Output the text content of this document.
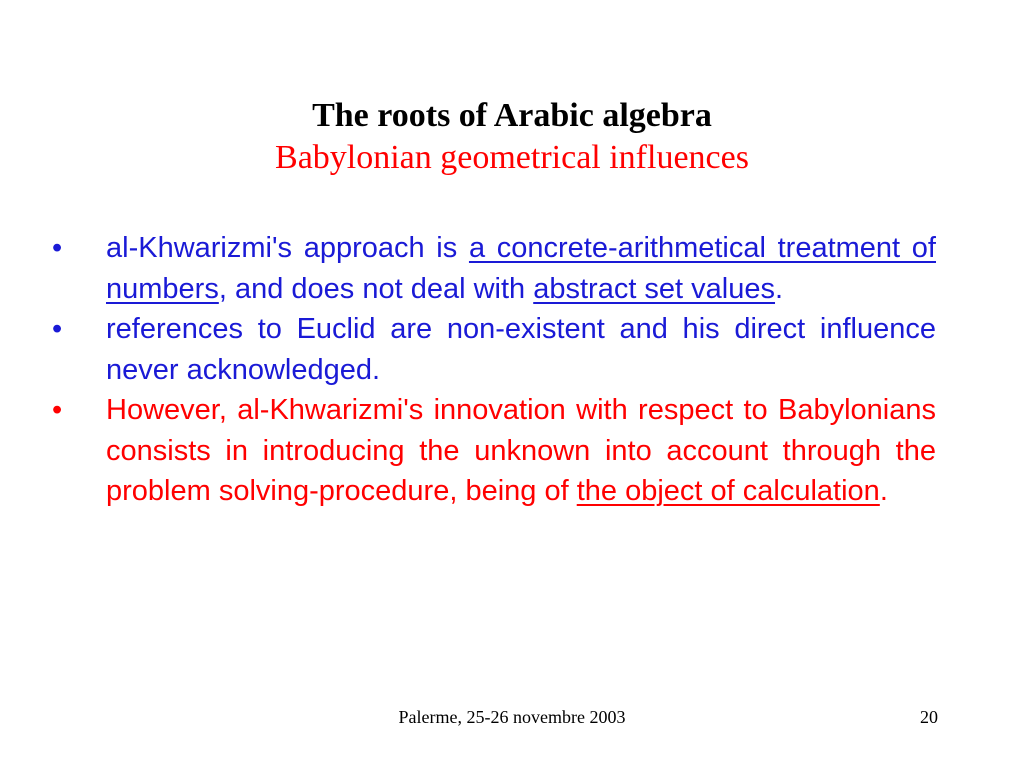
The roots of Arabic algebra
Babylonian geometrical influences
•	al-Khwarizmi's approach is a concrete-arithmetical treatment of numbers, and does not deal with abstract set values.
•	references to Euclid are non-existent and his direct influence never acknowledged.
•	However, al-Khwarizmi's innovation with respect to Babylonians consists in introducing the unknown into account through the problem solving-procedure, being of the object of calculation.
Palerme, 25-26 novembre 2003	20
